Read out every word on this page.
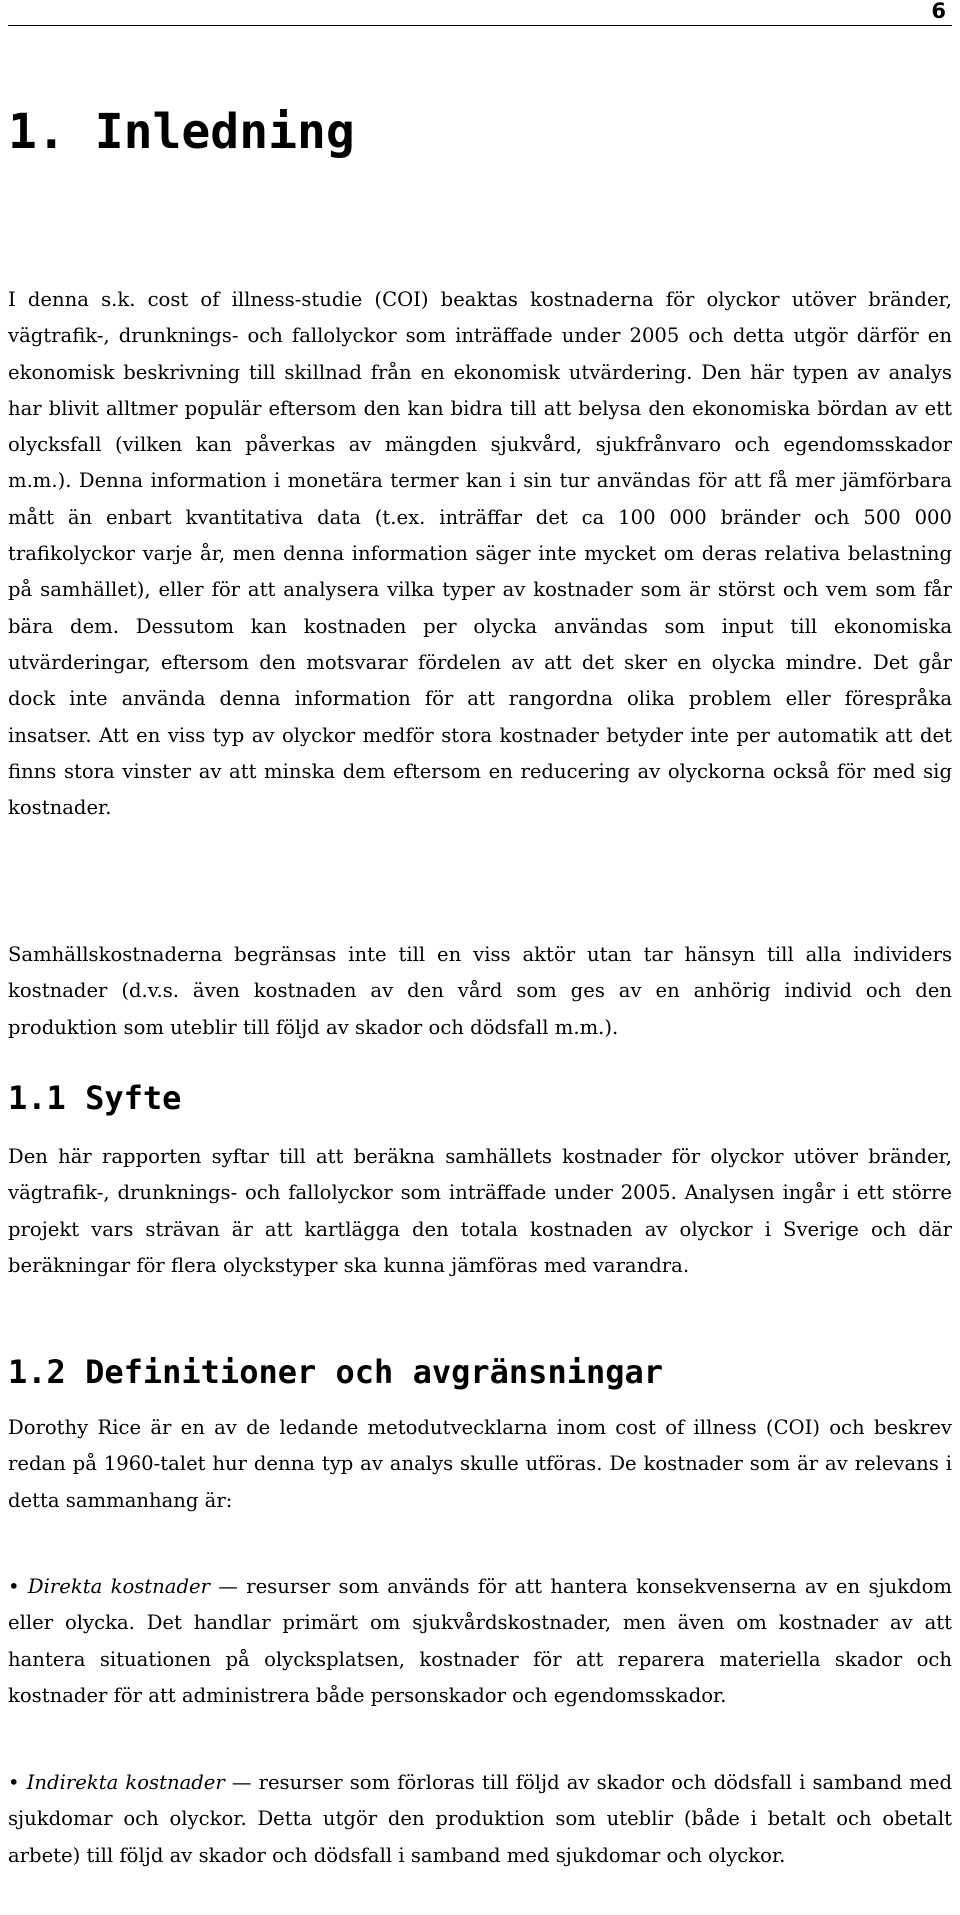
6
1. Inledning

I denna s.k. cost of illness-studie (COI) beaktas kostnaderna för olyckor utöver bränder, vägtrafik-, drunknings- och fallolyckor som inträffade under 2005 och detta utgör därför en ekonomisk beskrivning till skillnad från en ekonomisk utvärdering. Den här typen av analys har blivit alltmer populär eftersom den kan bidra till att belysa den ekonomiska bördan av ett olycksfall (vilken kan påverkas av mängden sjukvård, sjukfrånvaro och egendomsskador m.m.). Denna information i monetära termer kan i sin tur användas för att få mer jämförbara mått än enbart kvantitativa data (t.ex. inträffar det ca 100 000 bränder och 500 000 trafikolyckor varje år, men denna information säger inte mycket om deras relativa belastning på samhället), eller för att analysera vilka typer av kostnader som är störst och vem som får bära dem. Dessutom kan kostnaden per olycka användas som input till ekonomiska utvärderingar, eftersom den motsvarar fördelen av att det sker en olycka mindre. Det går dock inte använda denna information för att rangordna olika problem eller förespråka insatser. Att en viss typ av olyckor medför stora kostnader betyder inte per automatik att det finns stora vinster av att minska dem eftersom en reducering av olyckorna också för med sig kostnader.

Samhällskostnaderna begränsas inte till en viss aktör utan tar hänsyn till alla individers kostnader (d.v.s. även kostnaden av den vård som ges av en anhörig individ och den produktion som uteblir till följd av skador och dödsfall m.m.).

1.1 Syfte

Den här rapporten syftar till att beräkna samhällets kostnader för olyckor utöver bränder, vägtrafik-, drunknings- och fallolyckor som inträffade under 2005. Analysen ingår i ett större projekt vars strävan är att kartlägga den totala kostnaden av olyckor i Sverige och där beräkningar för flera olyckstyper ska kunna jämföras med varandra.

1.2 Definitioner och avgränsningar

Dorothy Rice är en av de ledande metodutvecklarna inom cost of illness (COI) och beskrev redan på 1960-talet hur denna typ av analys skulle utföras. De kostnader som är av relevans i detta sammanhang är:

• Direkta kostnader — resurser som används för att hantera konsekvenserna av en sjukdom eller olycka. Det handlar primärt om sjukvårdskostnader, men även om kostnader av att hantera situationen på olycksplatsen, kostnader för att reparera materiella skador och kostnader för att administrera både personskador och egendomsskador.

• Indirekta kostnader — resurser som förloras till följd av skador och dödsfall i samband med sjukdomar och olyckor. Detta utgör den produktion som uteblir (både i betalt och obetalt arbete) till följd av skador och dödsfall i samband med sjukdomar och olyckor.
